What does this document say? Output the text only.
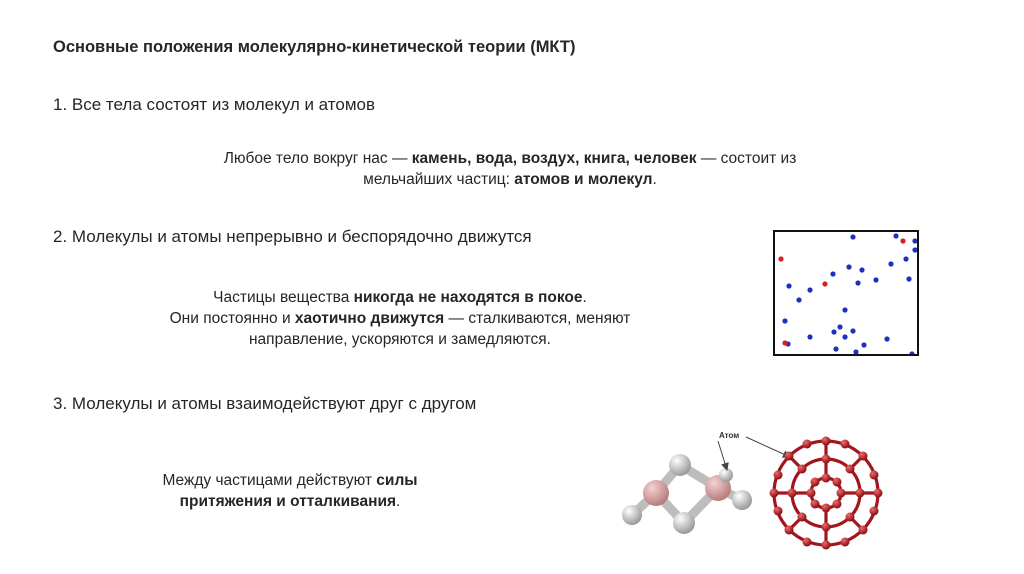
Основные положения молекулярно-кинетической теории (МКТ)
1. Все тела состоят из молекул и атомов
Любое тело вокруг нас — камень, вода, воздух, книга, человек — состоит из
мельчайших частиц: атомов и молекул.
2. Молекулы и атомы непрерывно и беспорядочно движутся
Частицы вещества никогда не находятся в покое.
Они постоянно и хаотично движутся — сталкиваются, меняют
направление, ускоряются и замедляются.
3. Молекулы и атомы взаимодействуют друг с другом
Между частицами действуют силы
притяжения и отталкивания.
Атом
